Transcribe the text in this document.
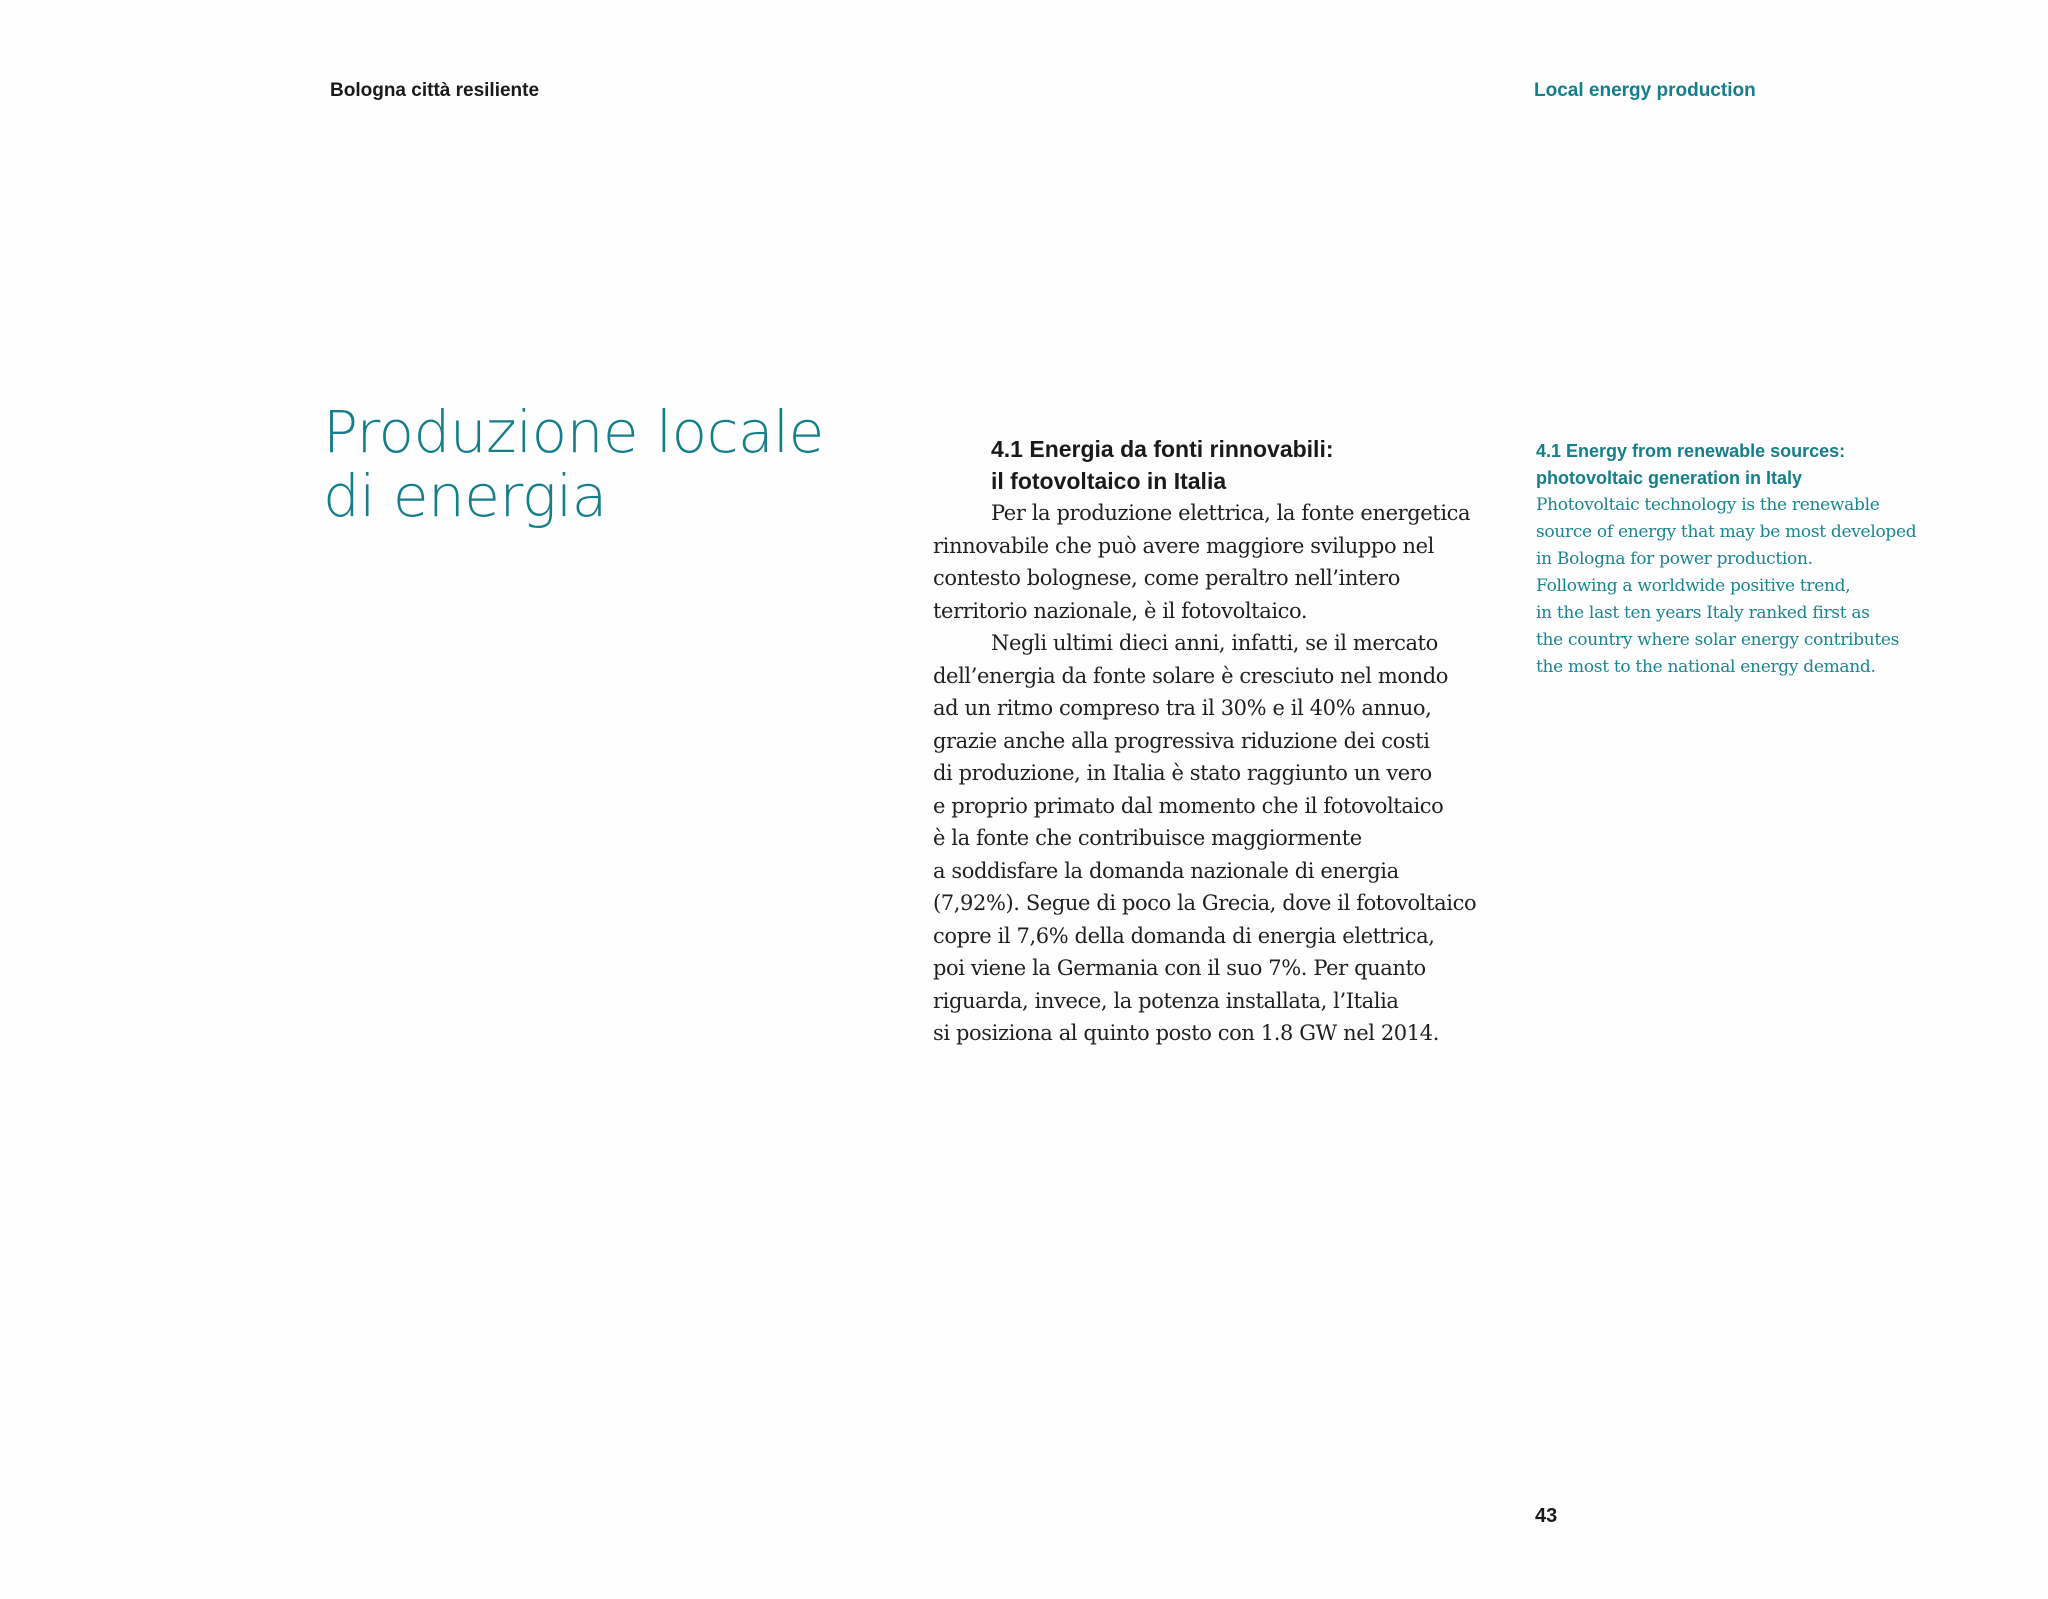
Bologna città resiliente	Local energy production
Produzione locale
di energia
4.1 Energia da fonti rinnovabili:
il fotovoltaico in Italia

Per la produzione elettrica, la fonte energetica
rinnovabile che può avere maggiore sviluppo nel
contesto bolognese, come peraltro nell’intero
territorio nazionale, è il fotovoltaico.
Negli ultimi dieci anni, infatti, se il mercato
dell’energia da fonte solare è cresciuto nel mondo
ad un ritmo compreso tra il 30% e il 40% annuo,
grazie anche alla progressiva riduzione dei costi
di produzione, in Italia è stato raggiunto un vero
e proprio primato dal momento che il fotovoltaico
è la fonte che contribuisce maggiormente
a soddisfare la domanda nazionale di energia
(7,92%). Segue di poco la Grecia, dove il fotovoltaico
copre il 7,6% della domanda di energia elettrica,
poi viene la Germania con il suo 7%. Per quanto
riguarda, invece, la potenza installata, l’Italia
si posiziona al quinto posto con 1.8 GW nel 2014.

4.1 Energy from renewable sources:
photovoltaic generation in Italy

Photovoltaic technology is the renewable
source of energy that may be most developed
in Bologna for power production.
Following a worldwide positive trend,
in the last ten years Italy ranked first as
the country where solar energy contributes
the most to the national energy demand.

43
